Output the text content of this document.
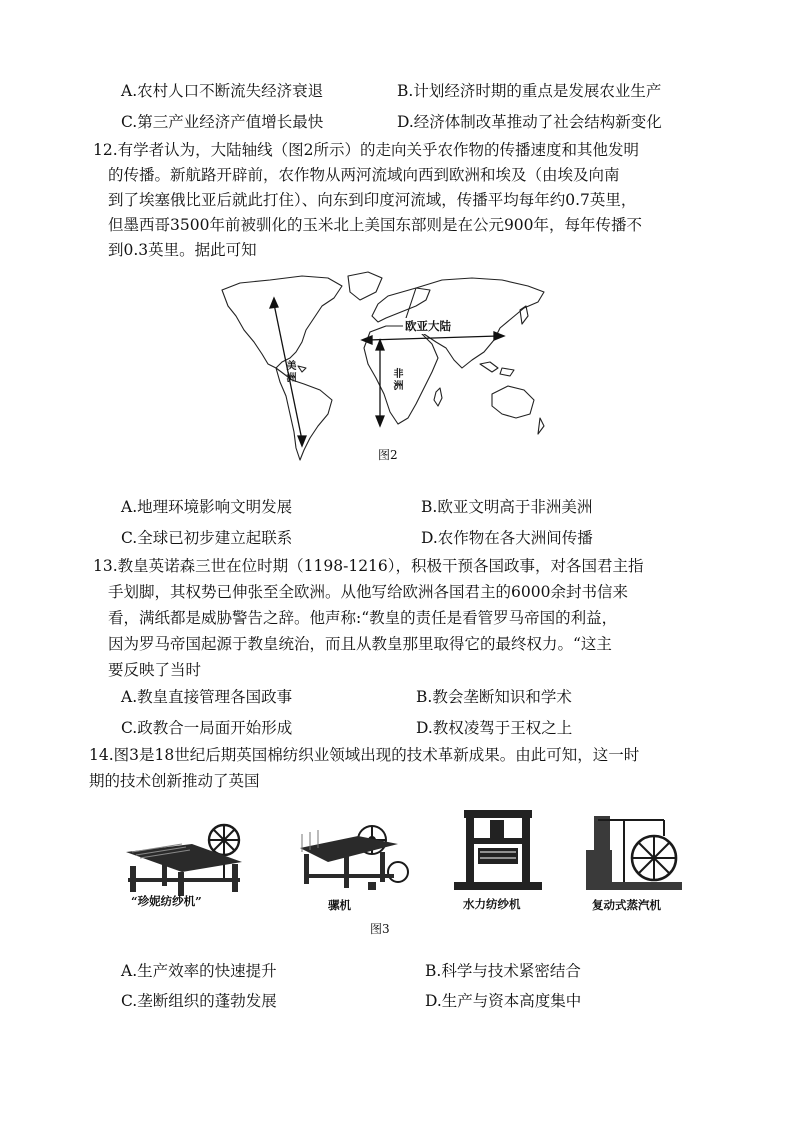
A.农村人口不断流失经济衰退	B.计划经济时期的重点是发展农业生产
C.第三产业经济产值增长最快	D.经济体制改革推动了社会结构新变化
12.有学者认为，大陆轴线（图2所示）的走向关乎农作物的传播速度和其他发明
的传播。新航路开辟前，农作物从两河流域向西到欧洲和埃及（由埃及向南
到了埃塞俄比亚后就此打住）、向东到印度河流域，传播平均每年约0.7英里，
但墨西哥3500年前被驯化的玉米北上美国东部则是在公元900年，每年传播不
到0.3英里。据此可知
欧亚大陆
美洲	非洲
图2
A.地理环境影响文明发展	B.欧亚文明高于非洲美洲
C.全球已初步建立起联系	D.农作物在各大洲间传播
13.教皇英诺森三世在位时期（1198-1216），积极干预各国政事，对各国君主指
手划脚，其权势已伸张至全欧洲。从他写给欧洲各国君主的6000余封书信来
看，满纸都是威胁警告之辞。他声称:“教皇的责任是看管罗马帝国的利益，
因为罗马帝国起源于教皇统治，而且从教皇那里取得它的最终权力。“这主
要反映了当时
A.教皇直接管理各国政事	B.教会垄断知识和学术
C.政教合一局面开始形成	D.教权凌驾于王权之上
14.图3是18世纪后期英国棉纺织业领域出现的技术革新成果。由此可知，这一时
期的技术创新推动了英国
“珍妮纺纱机”	骡机	水力纺纱机	复动式蒸汽机
图3
A.生产效率的快速提升	B.科学与技术紧密结合
C.垄断组织的蓬勃发展	D.生产与资本高度集中
